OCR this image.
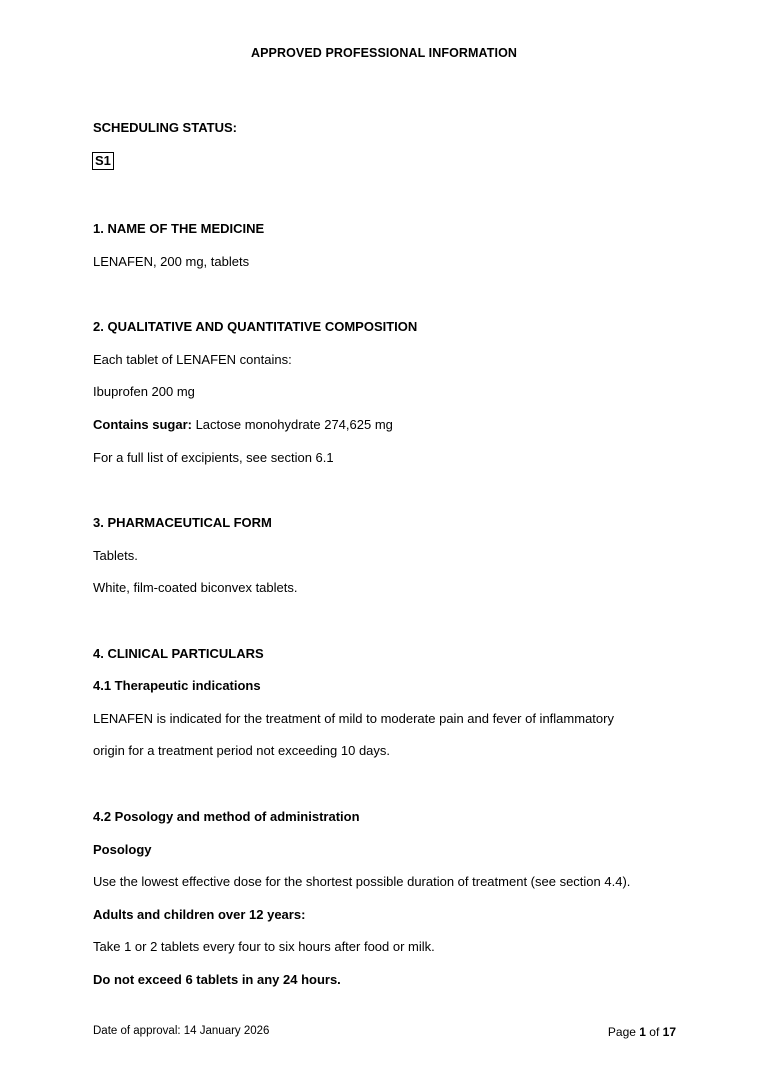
APPROVED PROFESSIONAL INFORMATION
SCHEDULING STATUS:
S1
1. NAME OF THE MEDICINE
LENAFEN, 200 mg, tablets
2. QUALITATIVE AND QUANTITATIVE COMPOSITION
Each tablet of LENAFEN contains:
Ibuprofen 200 mg
Contains sugar: Lactose monohydrate 274,625 mg
For a full list of excipients, see section 6.1
3. PHARMACEUTICAL FORM
Tablets.
White, film-coated biconvex tablets.
4. CLINICAL PARTICULARS
4.1 Therapeutic indications
LENAFEN is indicated for the treatment of mild to moderate pain and fever of inflammatory
origin for a treatment period not exceeding 10 days.
4.2 Posology and method of administration
Posology
Use the lowest effective dose for the shortest possible duration of treatment (see section 4.4).
Adults and children over 12 years:
Take 1 or 2 tablets every four to six hours after food or milk.
Do not exceed 6 tablets in any 24 hours.
Date of approval: 14 January 2026	Page 1 of 17
